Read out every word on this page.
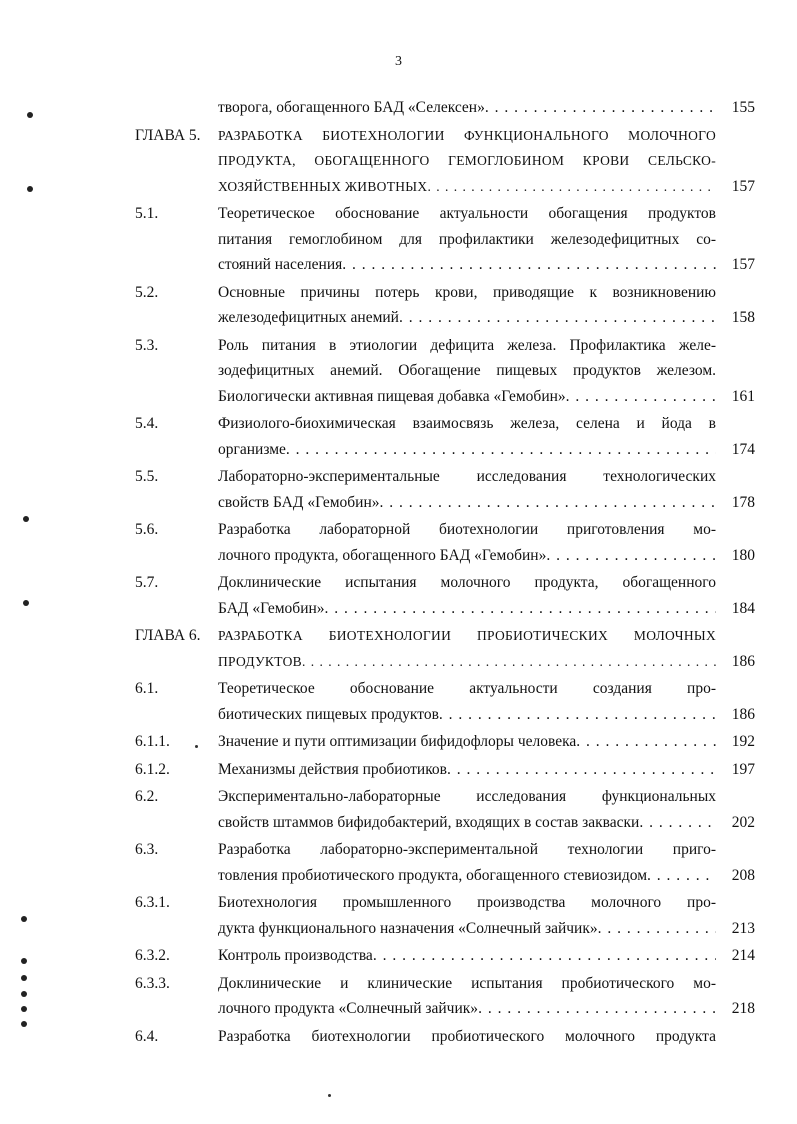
3
творога, обогащенного БАД «Селексен» . . .	155
ГЛАВА 5. РАЗРАБОТКА БИОТЕХНОЛОГИИ ФУНКЦИОНАЛЬНОГО МОЛОЧНОГО
ПРОДУКТА, ОБОГАЩЕННОГО ГЕМОГЛОБИНОМ КРОВИ СЕЛЬСКО-
ХОЗЯЙСТВЕННЫХ ЖИВОТНЫХ . . .	157
5.1.	Теоретическое обоснование актуальности обогащения продуктов
питания гемоглобином для профилактики железодефицитных со-
стояний населения . . .	157
5.2.	Основные причины потерь крови, приводящие к возникновению
железодефицитных анемий . . .	158
5.3.	Роль питания в этиологии дефицита железа. Профилактика желе-
зодефицитных анемий. Обогащение пищевых продуктов железом.
Биологически активная пищевая добавка «Гемобин» . . .	161
5.4.	Физиолого-биохимическая взаимосвязь железа, селена и йода в
организме . . .	174
5.5.	Лабораторно-экспериментальные исследования технологических
свойств БАД «Гемобин» . . .	178
5.6.	Разработка лабораторной биотехнологии приготовления мо-
лочного продукта, обогащенного БАД «Гемобин» . . .	180
5.7.	Доклинические испытания молочного продукта, обогащенного
БАД «Гемобин» . . .	184
ГЛАВА 6. РАЗРАБОТКА БИОТЕХНОЛОГИИ ПРОБИОТИЧЕСКИХ МОЛОЧНЫХ
ПРОДУКТОВ . . .	186
6.1.	Теоретическое обоснование актуальности создания про-
биотических пищевых продуктов . . .	186
6.1.1.	Значение и пути оптимизации бифидофлоры человека . . .	192
6.1.2.	Механизмы действия пробиотиков . . .	197
6.2.	Экспериментально-лабораторные исследования функциональных
свойств штаммов бифидобактерий, входящих в состав закваски . . .	202
6.3.	Разработка лабораторно-экспериментальной технологии приго-
товления пробиотического продукта, обогащенного стевиозидом . . .	208
6.3.1.	Биотехнология промышленного производства молочного про-
дукта функционального назначения «Солнечный зайчик» . . .	213
6.3.2.	Контроль производства . . .	214
6.3.3.	Доклинические и клинические испытания пробиотического мо-
лочного продукта «Солнечный зайчик» . . .	218
6.4.	Разработка биотехнологии пробиотического молочного продукта
